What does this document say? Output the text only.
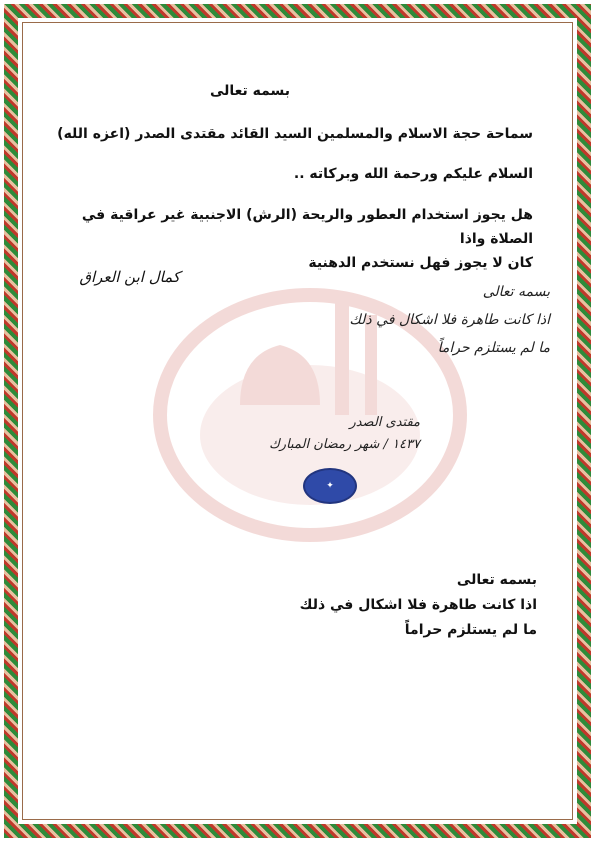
بسمه تعالى
سماحة حجة الاسلام والمسلمين السيد القائد مقتدى الصدر (اعزه الله)
السلام عليكم ورحمة الله وبركاته ..
هل يجوز استخدام العطور والريحة (الرش) الاجنبية غير عراقية في الصلاة واذا
كان لا يجوز فهل نستخدم الدهنية
كمال ابن العراق
بسمه تعالى
اذا كانت طاهرة فلا اشكال في ذلك
ما لم يستلزم حراماً
مقتدى الصدر
١٤٣٧ / شهر رمضان المبارك
✦
بسمه تعالى
اذا كانت طاهرة فلا اشكال في ذلك
ما لم يستلزم حراماً
